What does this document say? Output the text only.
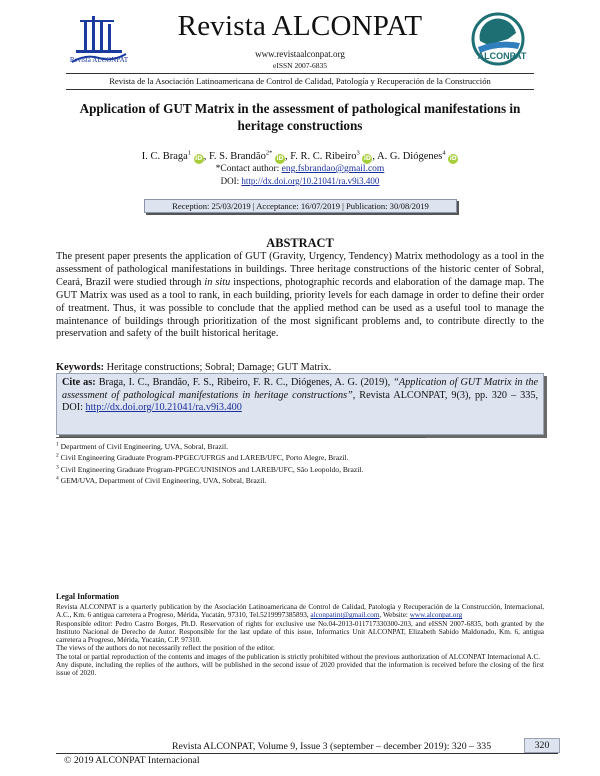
Revista ALCONPAT
Revista ALCONPAT
www.revistaalconpat.org
eISSN 2007-6835
ALCONPAT
Revista de la Asociación Latinoamericana de Control de Calidad, Patología y Recuperación de la Construcción
Application of GUT Matrix in the assessment of pathological manifestations in heritage constructions
I. C. Braga$^1$ iD, F. S. Brandão$^{2*}$ iD, F. R. C. Ribeiro$^3$ iD, A. G. Diógenes$^4$ iD
*Contact author: eng.fsbrandao@gmail.com
DOI: http://dx.doi.org/10.21041/ra.v9i3.400
Reception: 25/03/2019 | Acceptance: 16/07/2019 | Publication: 30/08/2019
ABSTRACT
The present paper presents the application of GUT (Gravity, Urgency, Tendency) Matrix methodology as a tool in the assessment of pathological manifestations in buildings. Three heritage constructions of the historic center of Sobral, Ceará, Brazil were studied through in situ inspections, photographic records and elaboration of the damage map. The GUT Matrix was used as a tool to rank, in each building, priority levels for each damage in order to define their order of treatment. Thus, it was possible to conclude that the applied method can be used as a useful tool to manage the maintenance of buildings through prioritization of the most significant problems and, to contribute directly to the preservation and safety of the built historical heritage.
Keywords: Heritage constructions; Sobral; Damage; GUT Matrix.
Cite as: Braga, I. C., Brandão, F. S., Ribeiro, F. R. C., Diógenes, A. G. (2019), “Application of GUT Matrix in the assessment of pathological manifestations in heritage constructions”, Revista ALCONPAT, 9(3), pp. 320 – 335, DOI: http://dx.doi.org/10.21041/ra.v9i3.400
$^1$ Department of Civil Engineering, UVA, Sobral, Brazil.
$^2$ Civil Engineering Graduate Program-PPGEC/UFRGS and LAREB/UFC, Porto Alegre, Brazil.
$^3$ Civil Engineering Graduate Program-PPGEC/UNISINOS and LAREB/UFC, São Leopoldo, Brazil.
$^4$ GEM/UVA, Department of Civil Engineering, UVA, Sobral, Brazil.
Legal Information

Revista ALCONPAT is a quarterly publication by the Asociación Latinoamericana de Control de Calidad, Patología y Recuperación de la Construcción, Internacional, A.C., Km. 6 antigua carretera a Progreso, Mérida, Yucatán, 97310, Tel.5219997385893, alconpatint@gmail.com, Website: www.alconpat.org

Responsible editor: Pedro Castro Borges, Ph.D. Reservation of rights for exclusive use No.04-2013-011717330300-203, and eISSN 2007-6835, both granted by the Instituto Nacional de Derecho de Autor. Responsible for the last update of this issue, Informatics Unit ALCONPAT, Elizabeth Sabido Maldonado, Km. 6, antigua carretera a Progreso, Mérida, Yucatán, C.P. 97310.

The views of the authors do not necessarily reflect the position of the editor.

The total or partial reproduction of the contents and images of the publication is strictly prohibited without the previous authorization of ALCONPAT Internacional A.C.

Any dispute, including the replies of the authors, will be published in the second issue of 2020 provided that the information is received before the closing of the first issue of 2020.

Revista ALCONPAT, Volume 9, Issue 3 (september – december 2019): 320 – 335	320
© 2019 ALCONPAT Internacional
